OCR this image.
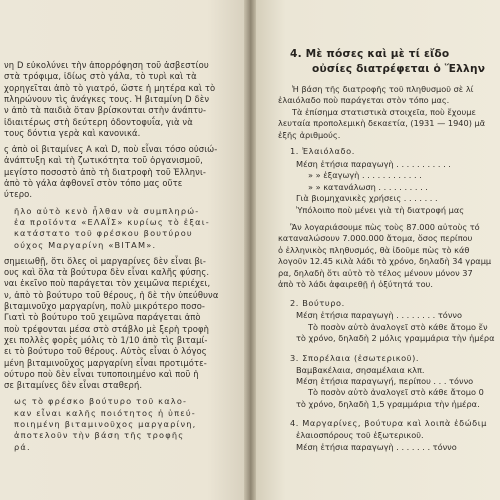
νη D εὐκολύνει τὴν ἀπορρόφηση τοῦ ἀσβεστίου
στὰ τρόφιμα, ἰδίως στὸ γάλα, τὸ τυρὶ καὶ τὰ
χορηγεῖται ἀπὸ τὸ γιατρό, ὥστε ἡ μητέρα καὶ τὸ
πληρώνουν τὶς ἀνάγκες τους. Ἡ βιταμίνη D δὲν
ν ἀπὸ τὰ παιδιὰ ὅταν βρίσκονται στὴν ἀνάπτυ-
ἰδιαιτέρως στὴ δεύτερη ὀδοντοφυΐα, γιὰ νὰ
τους δόντια γερὰ καὶ κανονικά.
ς ἀπὸ οἱ βιταμίνες Α καὶ D, ποὺ εἶναι τόσο οὐσιώ-
ἀνάπτυξη καὶ τὴ ζωτικότητα τοῦ ὀργανισμοῦ,
μεγίστο ποσοστὸ ἀπὸ τὴ διατροφὴ τοῦ Ἑλληνι-
ἀπὸ τὸ γάλα ἀφθονεῖ στὸν τόπο μας οὔτε
ύτερο.
ῆλο αὐτὸ κενὸ ἦλθαν νὰ συμπληρώ-
ἐα προϊόντα «ΕΛΑΪΣ» κυρίως τὸ ἐξαι-
κατάστατο τοῦ φρέσκου βουτύρου
ούχος Μαργαρίνη «ΒΙΤΑΜ».
σημειωθῇ, ὅτι ὅλες οἱ μαργαρίνες δὲν εἶναι βι-
ους καὶ ὅλα τὰ βούτυρα δὲν εἶναι καλῆς φύσης.
ναι ἐκεῖνο ποὺ παράγεται τὸν χειμῶνα περιέχει,
ν, ἀπὸ τὸ βούτυρο τοῦ θέρους, ἡ δὲ τὴν ὑπεύθυνα
βιταμινοῦχο μαργαρίνη, πολὺ μικρότερο ποσο-
Γιατὶ τὸ βούτυρο τοῦ χειμῶνα παράγεται ἀπὸ
ποὺ τρέφονται μέσα στὸ στάβλο μὲ ξερὴ τροφὴ
χει πολλὲς φορὲς μόλις τὸ 1/10 ἀπὸ τὶς βιταμί-
ει τὸ βούτυρο τοῦ θέρους. Αὐτὸς εἶναι ὁ λόγος
μένη βιταμινοῦχος μαργαρίνη εἶναι προτιμότε-
ούτυρο ποὺ δὲν εἶναι τυποποιημένο καὶ ποῦ ἡ
σε βιταμίνες δὲν εἶναι σταθερή.
ως τὸ φρέσκο βούτυρο τοῦ καλο-
καν εἶναι καλῆς ποιότητος ἡ ὑπεύ-
ποιημένη βιταμινοῦχος μαργαρίνη,
ἀποτελοῦν τὴν βάση τῆς τροφῆς
ρά.
4. Μὲ πόσες καὶ μὲ τί εἴδο
οὐσίες διατρέφεται ὁ Ἕλλην
Ἡ βάση τῆς διατροφῆς τοῦ πληθυσμοῦ σὲ λί
ἐλαιόλαδο ποὺ παράγεται στὸν τόπο μας.
Τὰ ἐπίσημα στατιστικὰ στοιχεῖα, ποὺ ἔχουμε
λευταία προπολεμικὴ δεκαετία, (1931 — 1940) μᾶ
ἑξῆς ἀριθμούς.
1. Ἐλαιόλαδο.
Μέση ἐτήσια παραγωγὴ . . . . . . . . . . .
» » ἐξαγωγὴ . . . . . . . . . . . .
» » κατανάλωση . . . . . . . . . .
Γιὰ βιομηχανικὲς χρήσεις . . . . . . .
Ὑπόλοιπο ποὺ μένει γιὰ τὴ διατροφή μας
Ἂν λογαριάσουμε πὼς τοὺς 87.000 αὐτοὺς τό
καταναλώσουν 7.000.000 ἄτομα, ὅσος περίπου
ὁ ἑλληνικὸς πληθυσμός, θὰ ἰδοῦμε πὼς τὸ κάθ
λογοῦν 12.45 κιλὰ λάδι τὸ χρόνο, δηλαδὴ 34 γραμμ
ρα, δηλαδὴ ὅτι αὐτὸ τὸ τέλος μένουν μόνον 37
ἀπὸ τὸ λάδι ἀφαιρεθῇ ἡ ὀξύτητά του.
2. Βούτυρο.
Μέση ἐτήσια παραγωγὴ . . . . . . . . τόννο
Τὸ ποσὸν αὐτὸ ἀναλογεῖ στὸ κάθε ἄτομο ἕν
τὸ χρόνο, δηλαδὴ 2 μόλις γραμμάρια τὴν ἡμέρα
3. Σπορέλαια (ἐσωτερικοῦ).
Βαμβακέλαια, σησαμέλαια κλπ.
Μέση ἐτήσια παραγωγή, περίπου . . . τόννο
Τὸ ποσὸν αὐτὸ ἀναλογεῖ στὸ κάθε ἄτομο 0
τὸ χρόνο, δηλαδὴ 1,5 γραμμάρια τὴν ἡμέρα.
4. Μαργαρίνες, βούτυρα καὶ λοιπὰ ἐδώδιμ
ἐλαιοσπόρους τοῦ ἐξωτερικοῦ.
Μέση ἐτήσια παραγωγὴ . . . . . . . τόννο
